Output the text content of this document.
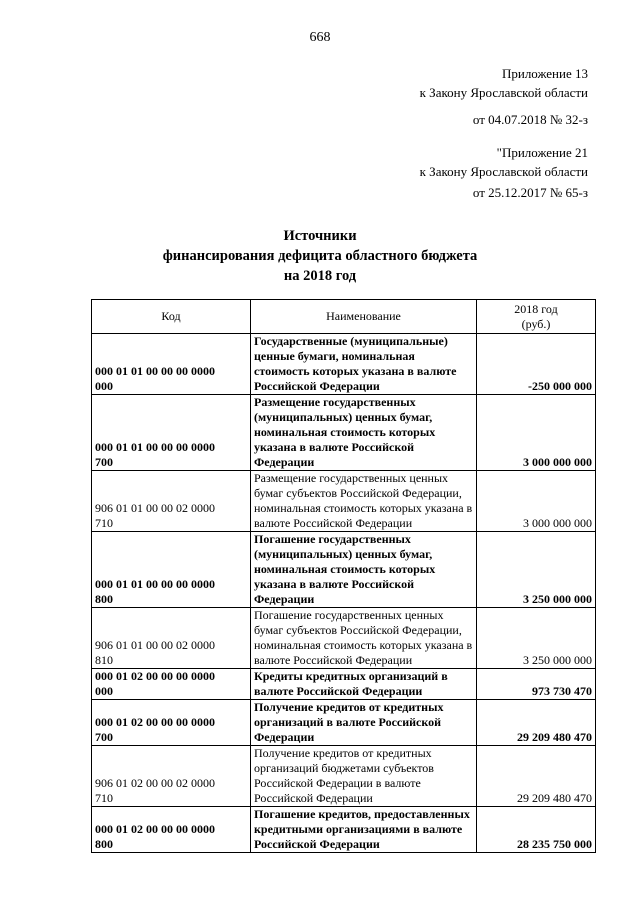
668
Приложение 13
к Закону Ярославской области
от 04.07.2018 № 32-з
"Приложение 21
к Закону Ярославской области
от 25.12.2017 № 65-з
Источники
финансирования дефицита областного бюджета
на 2018 год
Код	Наименование	2018 год
(руб.)

000 01 01 00 00 00 0000
000	Государственные (муниципальные) ценные бумаги, номинальная стоимость которых указана в валюте Российской Федерации	-250 000 000

000 01 01 00 00 00 0000
700	Размещение государственных (муниципальных) ценных бумаг, номинальная стоимость которых указана в валюте Российской Федерации	3 000 000 000

906 01 01 00 00 02 0000
710	Размещение государственных ценных бумаг субъектов Российской Федерации, номинальная стоимость которых указана в валюте Российской Федерации	3 000 000 000

000 01 01 00 00 00 0000
800	Погашение государственных (муниципальных) ценных бумаг, номинальная стоимость которых указана в валюте Российской Федерации	3 250 000 000

906 01 01 00 00 02 0000
810	Погашение государственных ценных бумаг субъектов Российской Федерации, номинальная стоимость которых указана в валюте Российской Федерации	3 250 000 000

000 01 02 00 00 00 0000
000	Кредиты кредитных организаций в валюте Российской Федерации	973 730 470

000 01 02 00 00 00 0000
700	Получение кредитов от кредитных организаций в валюте Российской Федерации	29 209 480 470

906 01 02 00 00 02 0000
710	Получение кредитов от кредитных организаций бюджетами субъектов Российской Федерации в валюте Российской Федерации	29 209 480 470

000 01 02 00 00 00 0000
800	Погашение кредитов, предоставленных кредитными организациями в валюте Российской Федерации	28 235 750 000
